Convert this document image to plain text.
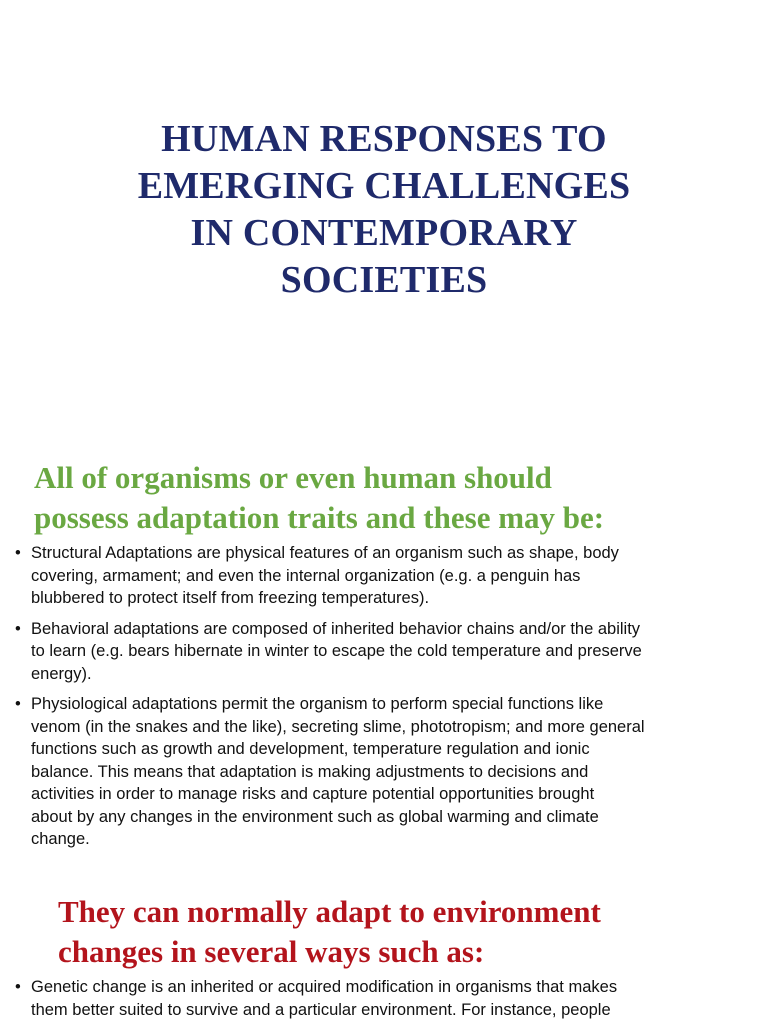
HUMAN RESPONSES TO
EMERGING CHALLENGES
IN CONTEMPORARY
SOCIETIES
All of organisms or even human should
possess adaptation traits and these may be:
• Structural Adaptations are physical features of an organism such as shape, body
covering, armament; and even the internal organization (e.g. a penguin has
blubbered to protect itself from freezing temperatures).
• Behavioral adaptations are composed of inherited behavior chains and/or the ability
to learn (e.g. bears hibernate in winter to escape the cold temperature and preserve
energy).
• Physiological adaptations permit the organism to perform special functions like
venom (in the snakes and the like), secreting slime, phototropism; and more general
functions such as growth and development, temperature regulation and ionic
balance. This means that adaptation is making adjustments to decisions and
activities in order to manage risks and capture potential opportunities brought
about by any changes in the environment such as global warming and climate
change.
They can normally adapt to environment
changes in several ways such as:
• Genetic change is an inherited or acquired modification in organisms that makes
them better suited to survive and a particular environment. For instance, people
